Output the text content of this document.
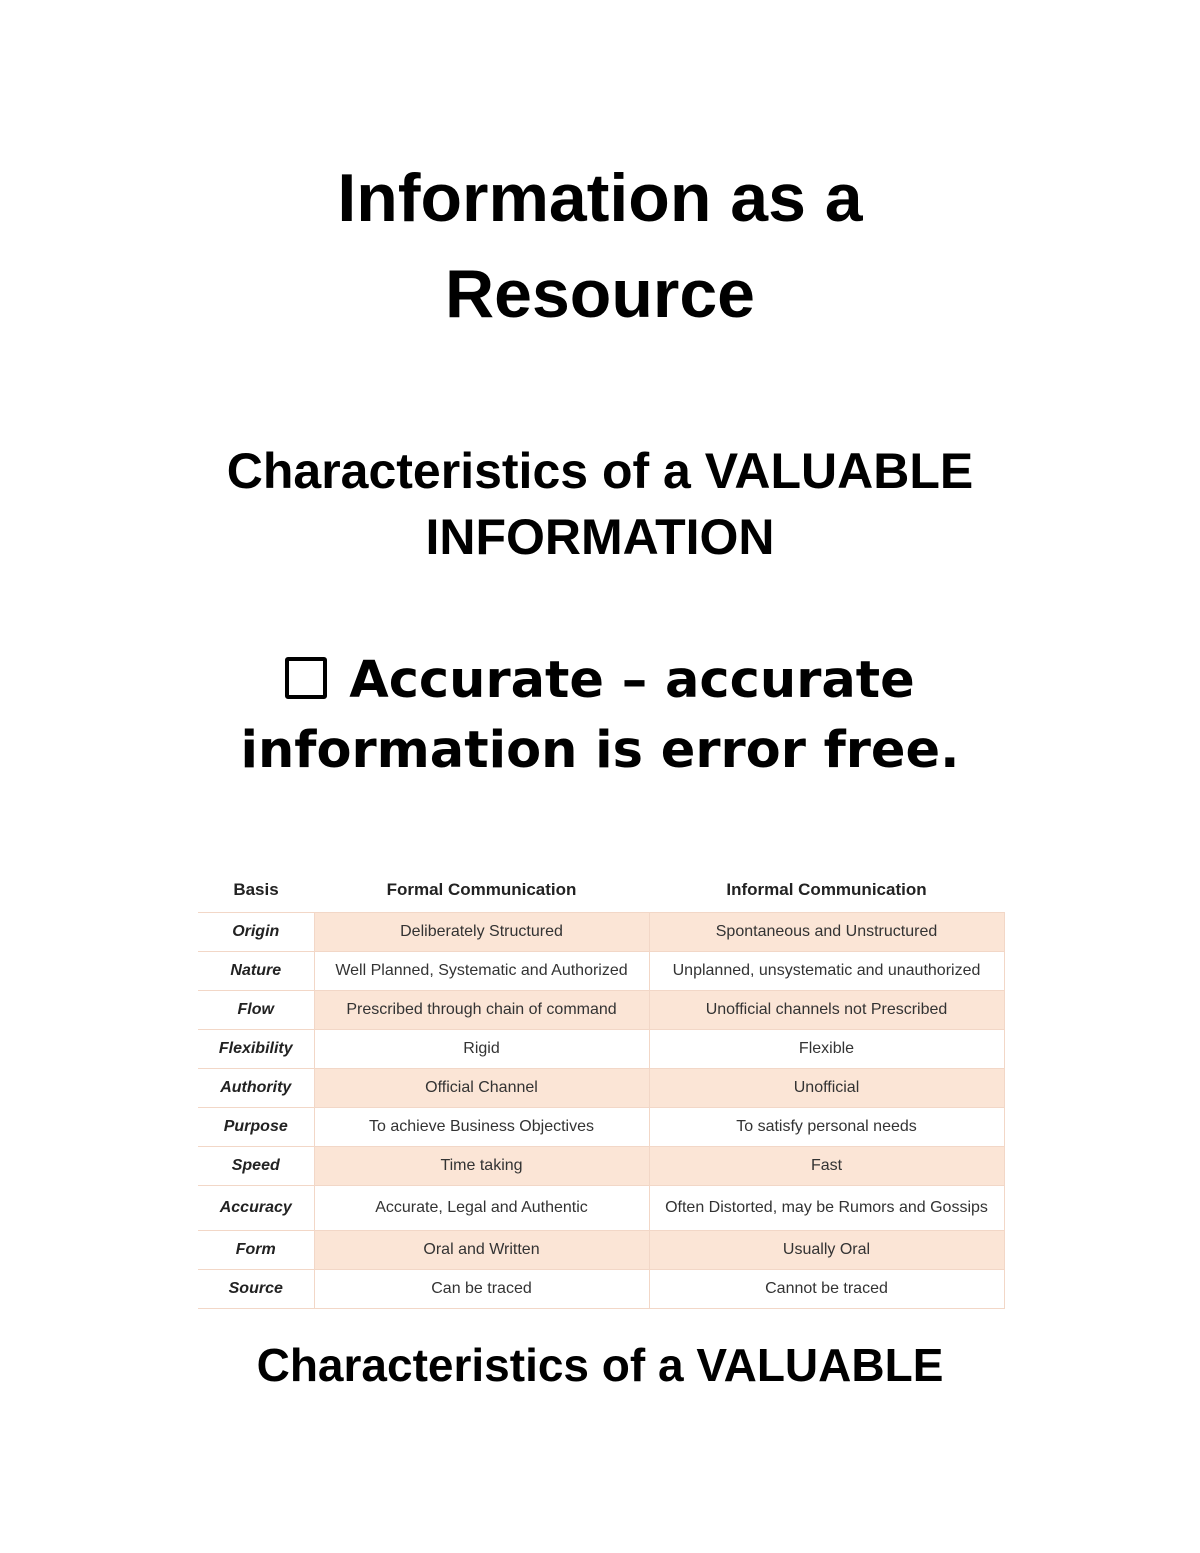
Information as a
Resource
Characteristics of a VALUABLE
INFORMATION

Accurate – accurate
information is error free.

Basis	Formal Communication	Informal Communication
Origin	Deliberately Structured	Spontaneous and Unstructured
Nature	Well Planned, Systematic and Authorized	Unplanned, unsystematic and unauthorized
Flow	Prescribed through chain of command	Unofficial channels not Prescribed
Flexibility	Rigid	Flexible
Authority	Official Channel	Unofficial
Purpose	To achieve Business Objectives	To satisfy personal needs
Speed	Time taking	Fast
Accuracy	Accurate, Legal and Authentic	Often Distorted, may be Rumors and Gossips
Form	Oral and Written	Usually Oral
Source	Can be traced	Cannot be traced
Characteristics of a VALUABLE
